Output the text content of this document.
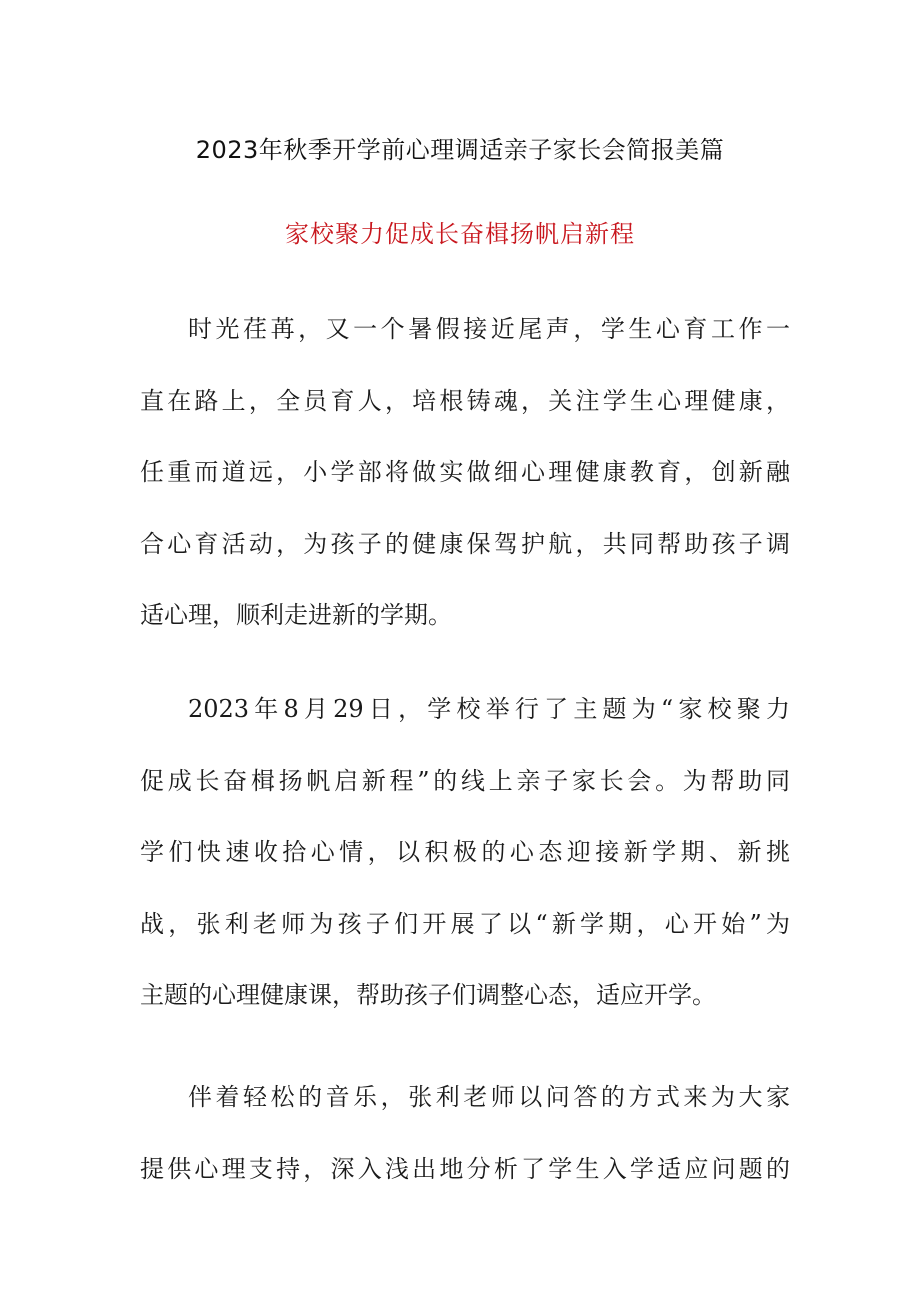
2023年秋季开学前心理调适亲子家长会简报美篇
家校聚力促成长奋楫扬帆启新程

时光荏苒，又一个暑假接近尾声，学生心育工作一
直在路上，全员育人，培根铸魂，关注学生心理健康，
任重而道远，小学部将做实做细心理健康教育，创新融
合心育活动，为孩子的健康保驾护航，共同帮助孩子调
适心理，顺利走进新的学期。

2023年8月29日，学校举行了主题为“家校聚力
促成长奋楫扬帆启新程”的线上亲子家长会。为帮助同
学们快速收拾心情，以积极的心态迎接新学期、新挑
战，张利老师为孩子们开展了以“新学期，心开始”为
主题的心理健康课，帮助孩子们调整心态，适应开学。

伴着轻松的音乐，张利老师以问答的方式来为大家
提供心理支持，深入浅出地分析了学生入学适应问题的
